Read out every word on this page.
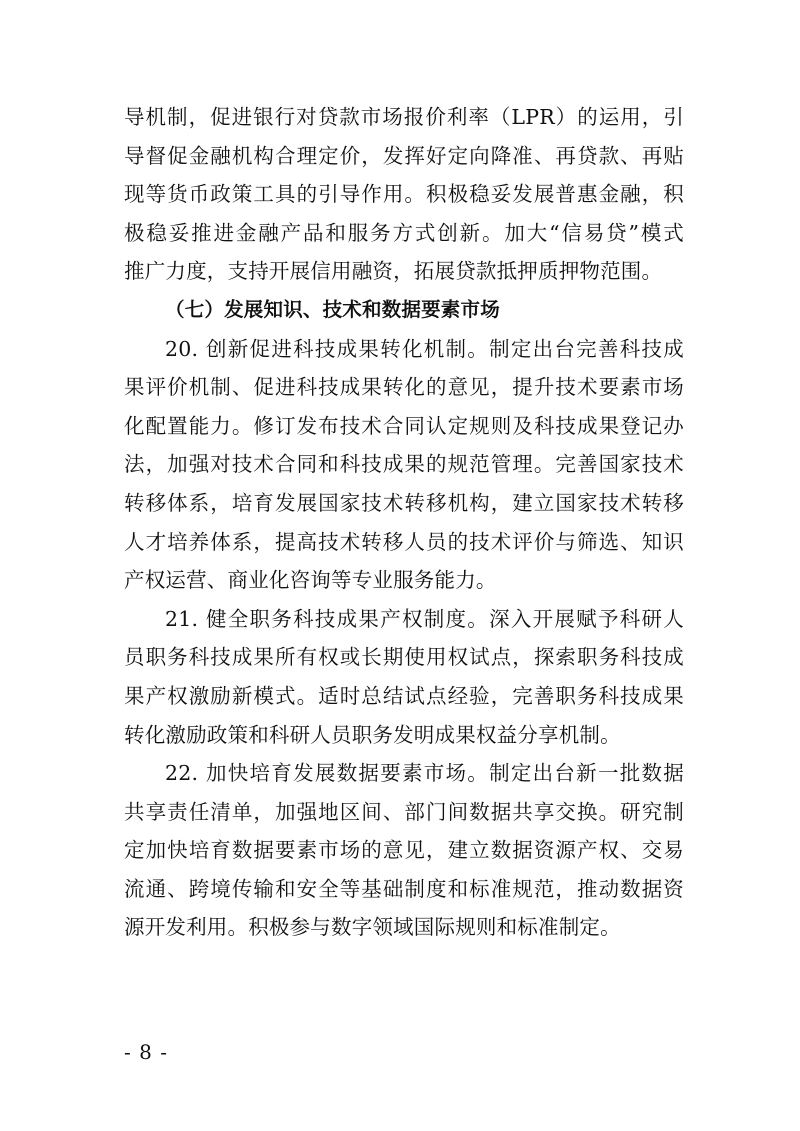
导机制，促进银行对贷款市场报价利率（LPR）的运用，引
导督促金融机构合理定价，发挥好定向降准、再贷款、再贴
现等货币政策工具的引导作用。积极稳妥发展普惠金融，积
极稳妥推进金融产品和服务方式创新。加大“信易贷”模式
推广力度，支持开展信用融资，拓展贷款抵押质押物范围。
（七）发展知识、技术和数据要素市场
20. 创新促进科技成果转化机制。制定出台完善科技成
果评价机制、促进科技成果转化的意见，提升技术要素市场
化配置能力。修订发布技术合同认定规则及科技成果登记办
法，加强对技术合同和科技成果的规范管理。完善国家技术
转移体系，培育发展国家技术转移机构，建立国家技术转移
人才培养体系，提高技术转移人员的技术评价与筛选、知识
产权运营、商业化咨询等专业服务能力。
21. 健全职务科技成果产权制度。深入开展赋予科研人
员职务科技成果所有权或长期使用权试点，探索职务科技成
果产权激励新模式。适时总结试点经验，完善职务科技成果
转化激励政策和科研人员职务发明成果权益分享机制。
22. 加快培育发展数据要素市场。制定出台新一批数据
共享责任清单，加强地区间、部门间数据共享交换。研究制
定加快培育数据要素市场的意见，建立数据资源产权、交易
流通、跨境传输和安全等基础制度和标准规范，推动数据资
源开发利用。积极参与数字领域国际规则和标准制定。
- 8 -
